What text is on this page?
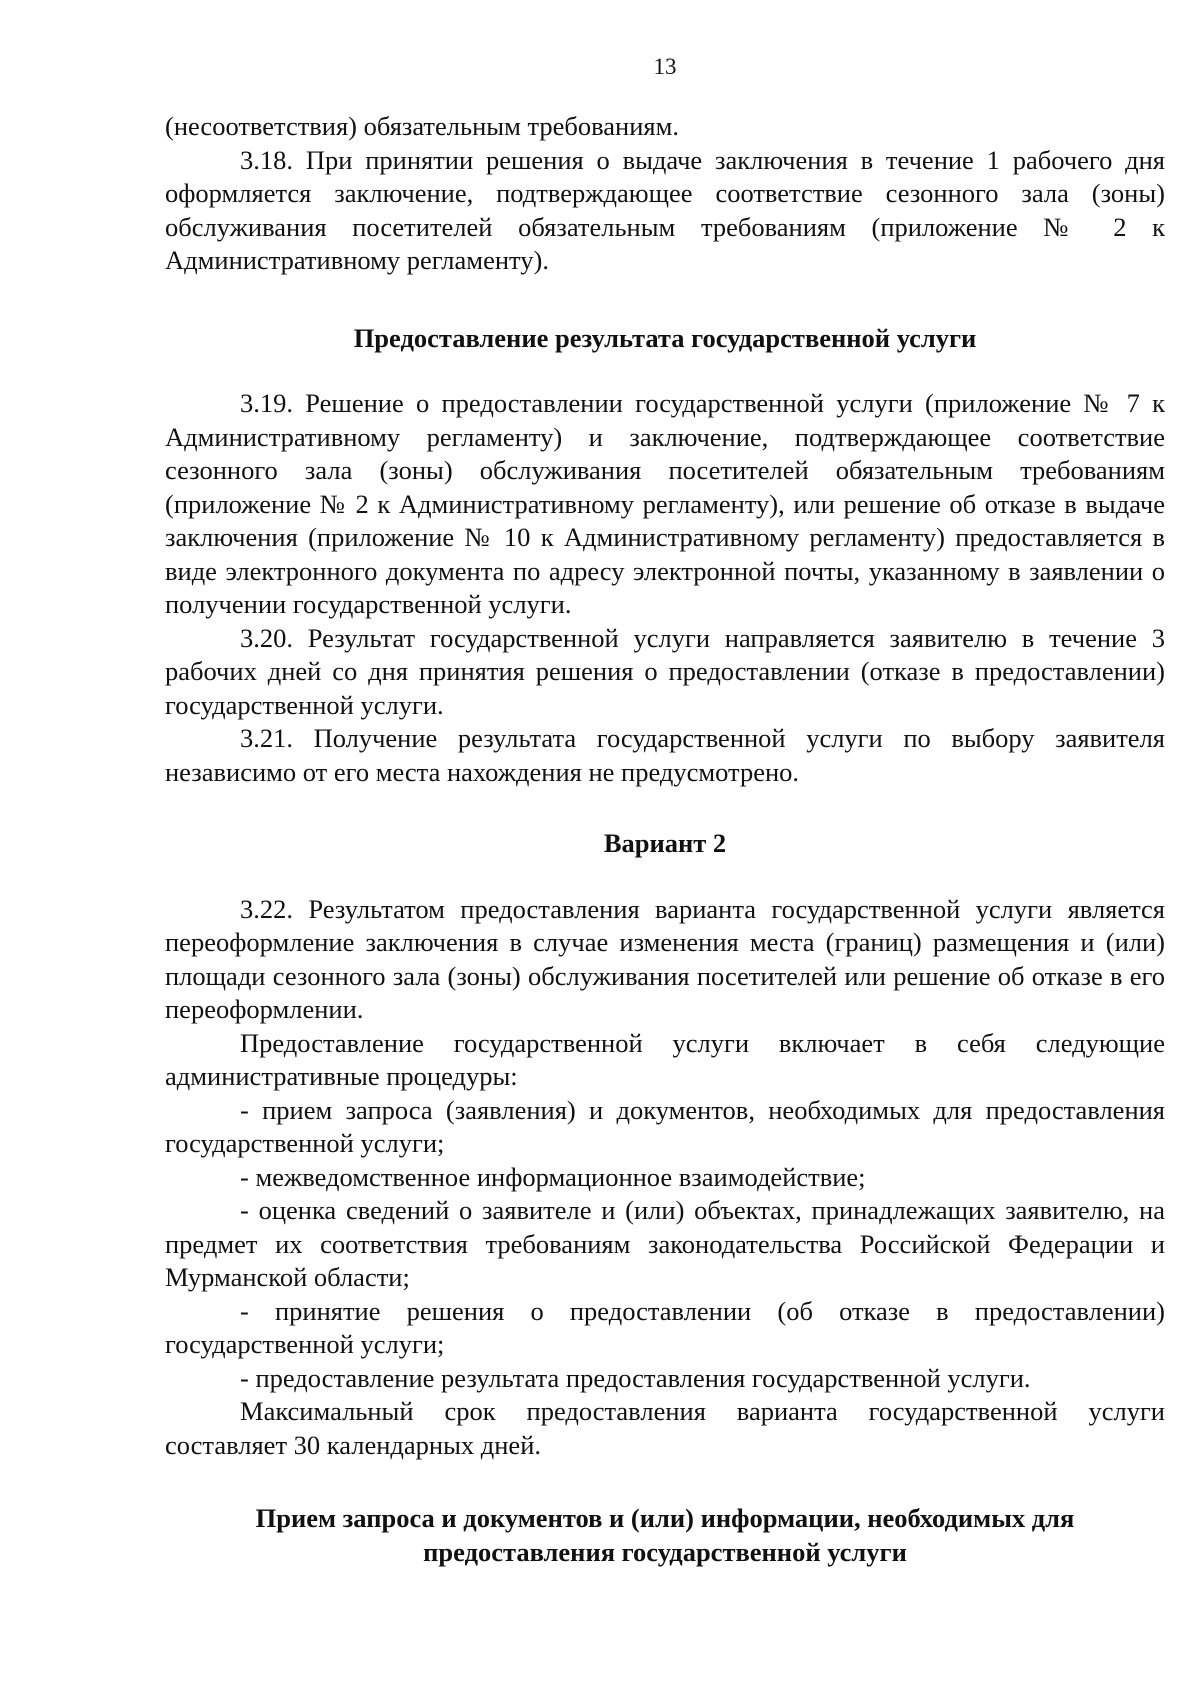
13

(несоответствия) обязательным требованиям.

3.18. При принятии решения о выдаче заключения в течение 1 рабочего дня оформляется заключение, подтверждающее соответствие сезонного зала (зоны) обслуживания посетителей обязательным требованиям (приложение № 2 к Административному регламенту).

Предоставление результата государственной услуги

3.19. Решение о предоставлении государственной услуги (приложение № 7 к Административному регламенту) и заключение, подтверждающее соответствие сезонного зала (зоны) обслуживания посетителей обязательным требованиям (приложение № 2 к Административному регламенту), или решение об отказе в выдаче заключения (приложение № 10 к Административному регламенту) предоставляется в виде электронного документа по адресу электронной почты, указанному в заявлении о получении государственной услуги.

3.20. Результат государственной услуги направляется заявителю в течение 3 рабочих дней со дня принятия решения о предоставлении (отказе в предоставлении) государственной услуги.

3.21. Получение результата государственной услуги по выбору заявителя независимо от его места нахождения не предусмотрено.

Вариант 2

3.22. Результатом предоставления варианта государственной услуги является переоформление заключения в случае изменения места (границ) размещения и (или) площади сезонного зала (зоны) обслуживания посетителей или решение об отказе в его переоформлении.

Предоставление государственной услуги включает в себя следующие административные процедуры:

- прием запроса (заявления) и документов, необходимых для предоставления государственной услуги;

- межведомственное информационное взаимодействие;

- оценка сведений о заявителе и (или) объектах, принадлежащих заявителю, на предмет их соответствия требованиям законодательства Российской Федерации и Мурманской области;

- принятие решения о предоставлении (об отказе в предоставлении) государственной услуги;

- предоставление результата предоставления государственной услуги.

Максимальный срок предоставления варианта государственной услуги составляет 30 календарных дней.

Прием запроса и документов и (или) информации, необходимых для предоставления государственной услуги
